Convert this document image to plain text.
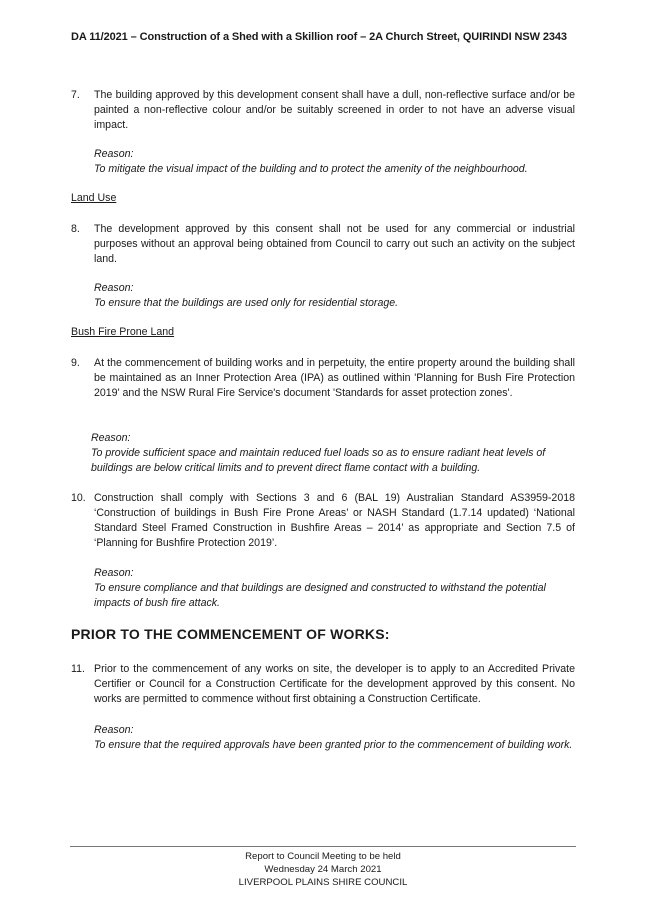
DA 11/2021 – Construction of a Shed with a Skillion roof – 2A Church Street, QUIRINDI NSW 2343
7. The building approved by this development consent shall have a dull, non-reflective surface and/or be painted a non-reflective colour and/or be suitably screened in order to not have an adverse visual impact.
Reason:
To mitigate the visual impact of the building and to protect the amenity of the neighbourhood.
Land Use
8. The development approved by this consent shall not be used for any commercial or industrial purposes without an approval being obtained from Council to carry out such an activity on the subject land.
Reason:
To ensure that the buildings are used only for residential storage.
Bush Fire Prone Land
9. At the commencement of building works and in perpetuity, the entire property around the building shall be maintained as an Inner Protection Area (IPA) as outlined within 'Planning for Bush Fire Protection 2019' and the NSW Rural Fire Service's document 'Standards for asset protection zones'.
Reason:
To provide sufficient space and maintain reduced fuel loads so as to ensure radiant heat levels of buildings are below critical limits and to prevent direct flame contact with a building.
10. Construction shall comply with Sections 3 and 6 (BAL 19) Australian Standard AS3959-2018 ‘Construction of buildings in Bush Fire Prone Areas’ or NASH Standard (1.7.14 updated) ‘National Standard Steel Framed Construction in Bushfire Areas – 2014’ as appropriate and Section 7.5 of ‘Planning for Bushfire Protection 2019’.
Reason:
To ensure compliance and that buildings are designed and constructed to withstand the potential impacts of bush fire attack.
PRIOR TO THE COMMENCEMENT OF WORKS:
11. Prior to the commencement of any works on site, the developer is to apply to an Accredited Private Certifier or Council for a Construction Certificate for the development approved by this consent. No works are permitted to commence without first obtaining a Construction Certificate.
Reason:
To ensure that the required approvals have been granted prior to the commencement of building work.
Report to Council Meeting to be held
Wednesday 24 March 2021
LIVERPOOL PLAINS SHIRE COUNCIL
